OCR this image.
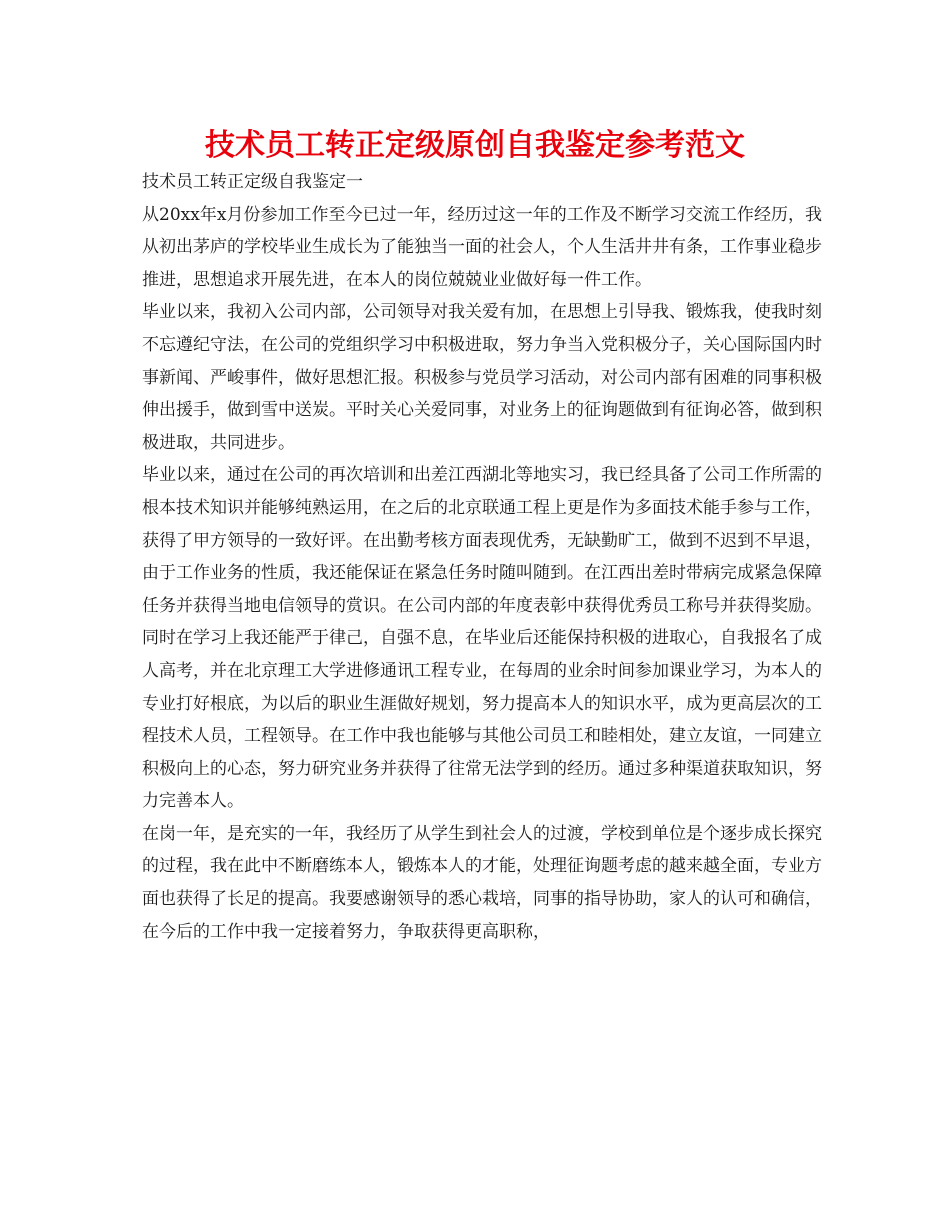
技术员工转正定级原创自我鉴定参考范文

技术员工转正定级自我鉴定一

从20xx年x月份参加工作至今已过一年，经历过这一年的工作及不断学习交流工作经历，我从初出茅庐的学校毕业生成长为了能独当一面的社会人，个人生活井井有条，工作事业稳步推进，思想追求开展先进，在本人的岗位兢兢业业做好每一件工作。

毕业以来，我初入公司内部，公司领导对我关爱有加，在思想上引导我、锻炼我，使我时刻不忘遵纪守法，在公司的党组织学习中积极进取，努力争当入党积极分子，关心国际国内时事新闻、严峻事件，做好思想汇报。积极参与党员学习活动，对公司内部有困难的同事积极伸出援手，做到雪中送炭。平时关心关爱同事，对业务上的征询题做到有征询必答，做到积极进取，共同进步。

毕业以来，通过在公司的再次培训和出差江西湖北等地实习，我已经具备了公司工作所需的根本技术知识并能够纯熟运用，在之后的北京联通工程上更是作为多面技术能手参与工作，获得了甲方领导的一致好评。在出勤考核方面表现优秀，无缺勤旷工，做到不迟到不早退，由于工作业务的性质，我还能保证在紧急任务时随叫随到。在江西出差时带病完成紧急保障任务并获得当地电信领导的赏识。在公司内部的年度表彰中获得优秀员工称号并获得奖励。

同时在学习上我还能严于律己，自强不息，在毕业后还能保持积极的进取心，自我报名了成人高考，并在北京理工大学进修通讯工程专业，在每周的业余时间参加课业学习，为本人的专业打好根底，为以后的职业生涯做好规划，努力提高本人的知识水平，成为更高层次的工程技术人员，工程领导。在工作中我也能够与其他公司员工和睦相处，建立友谊，一同建立积极向上的心态，努力研究业务并获得了往常无法学到的经历。通过多种渠道获取知识，努力完善本人。

在岗一年，是充实的一年，我经历了从学生到社会人的过渡，学校到单位是个逐步成长探究的过程，我在此中不断磨练本人，锻炼本人的才能，处理征询题考虑的越来越全面，专业方面也获得了长足的提高。我要感谢领导的悉心栽培，同事的指导协助，家人的认可和确信，在今后的工作中我一定接着努力，争取获得更高职称，
